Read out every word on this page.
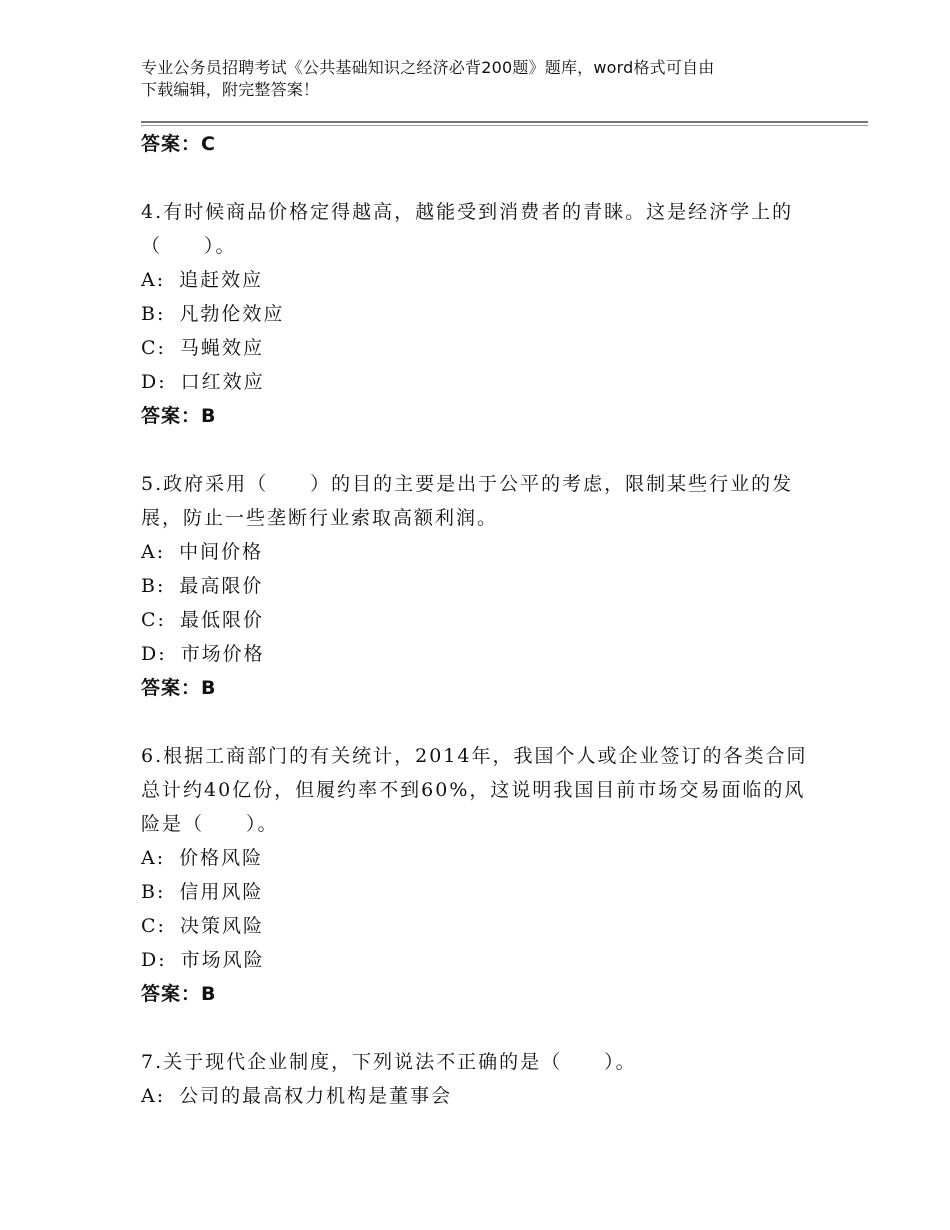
专业公务员招聘考试《公共基础知识之经济必背200题》题库，word格式可自由
下载编辑，附完整答案！
答案：C
4.有时候商品价格定得越高，越能受到消费者的青睐。这是经济学上的（　　）。
A: 追赶效应
B: 凡勃伦效应
C: 马蝇效应
D: 口红效应
答案：B
5.政府采用（　　）的目的主要是出于公平的考虑，限制某些行业的发展，防止一些垄断行业索取高额利润。
A: 中间价格
B: 最高限价
C: 最低限价
D: 市场价格
答案：B
6.根据工商部门的有关统计，2014年，我国个人或企业签订的各类合同总计约40亿份，但履约率不到60%，这说明我国目前市场交易面临的风险是（　　）。
A: 价格风险
B: 信用风险
C: 决策风险
D: 市场风险
答案：B
7.关于现代企业制度，下列说法不正确的是（　　）。
A: 公司的最高权力机构是董事会
